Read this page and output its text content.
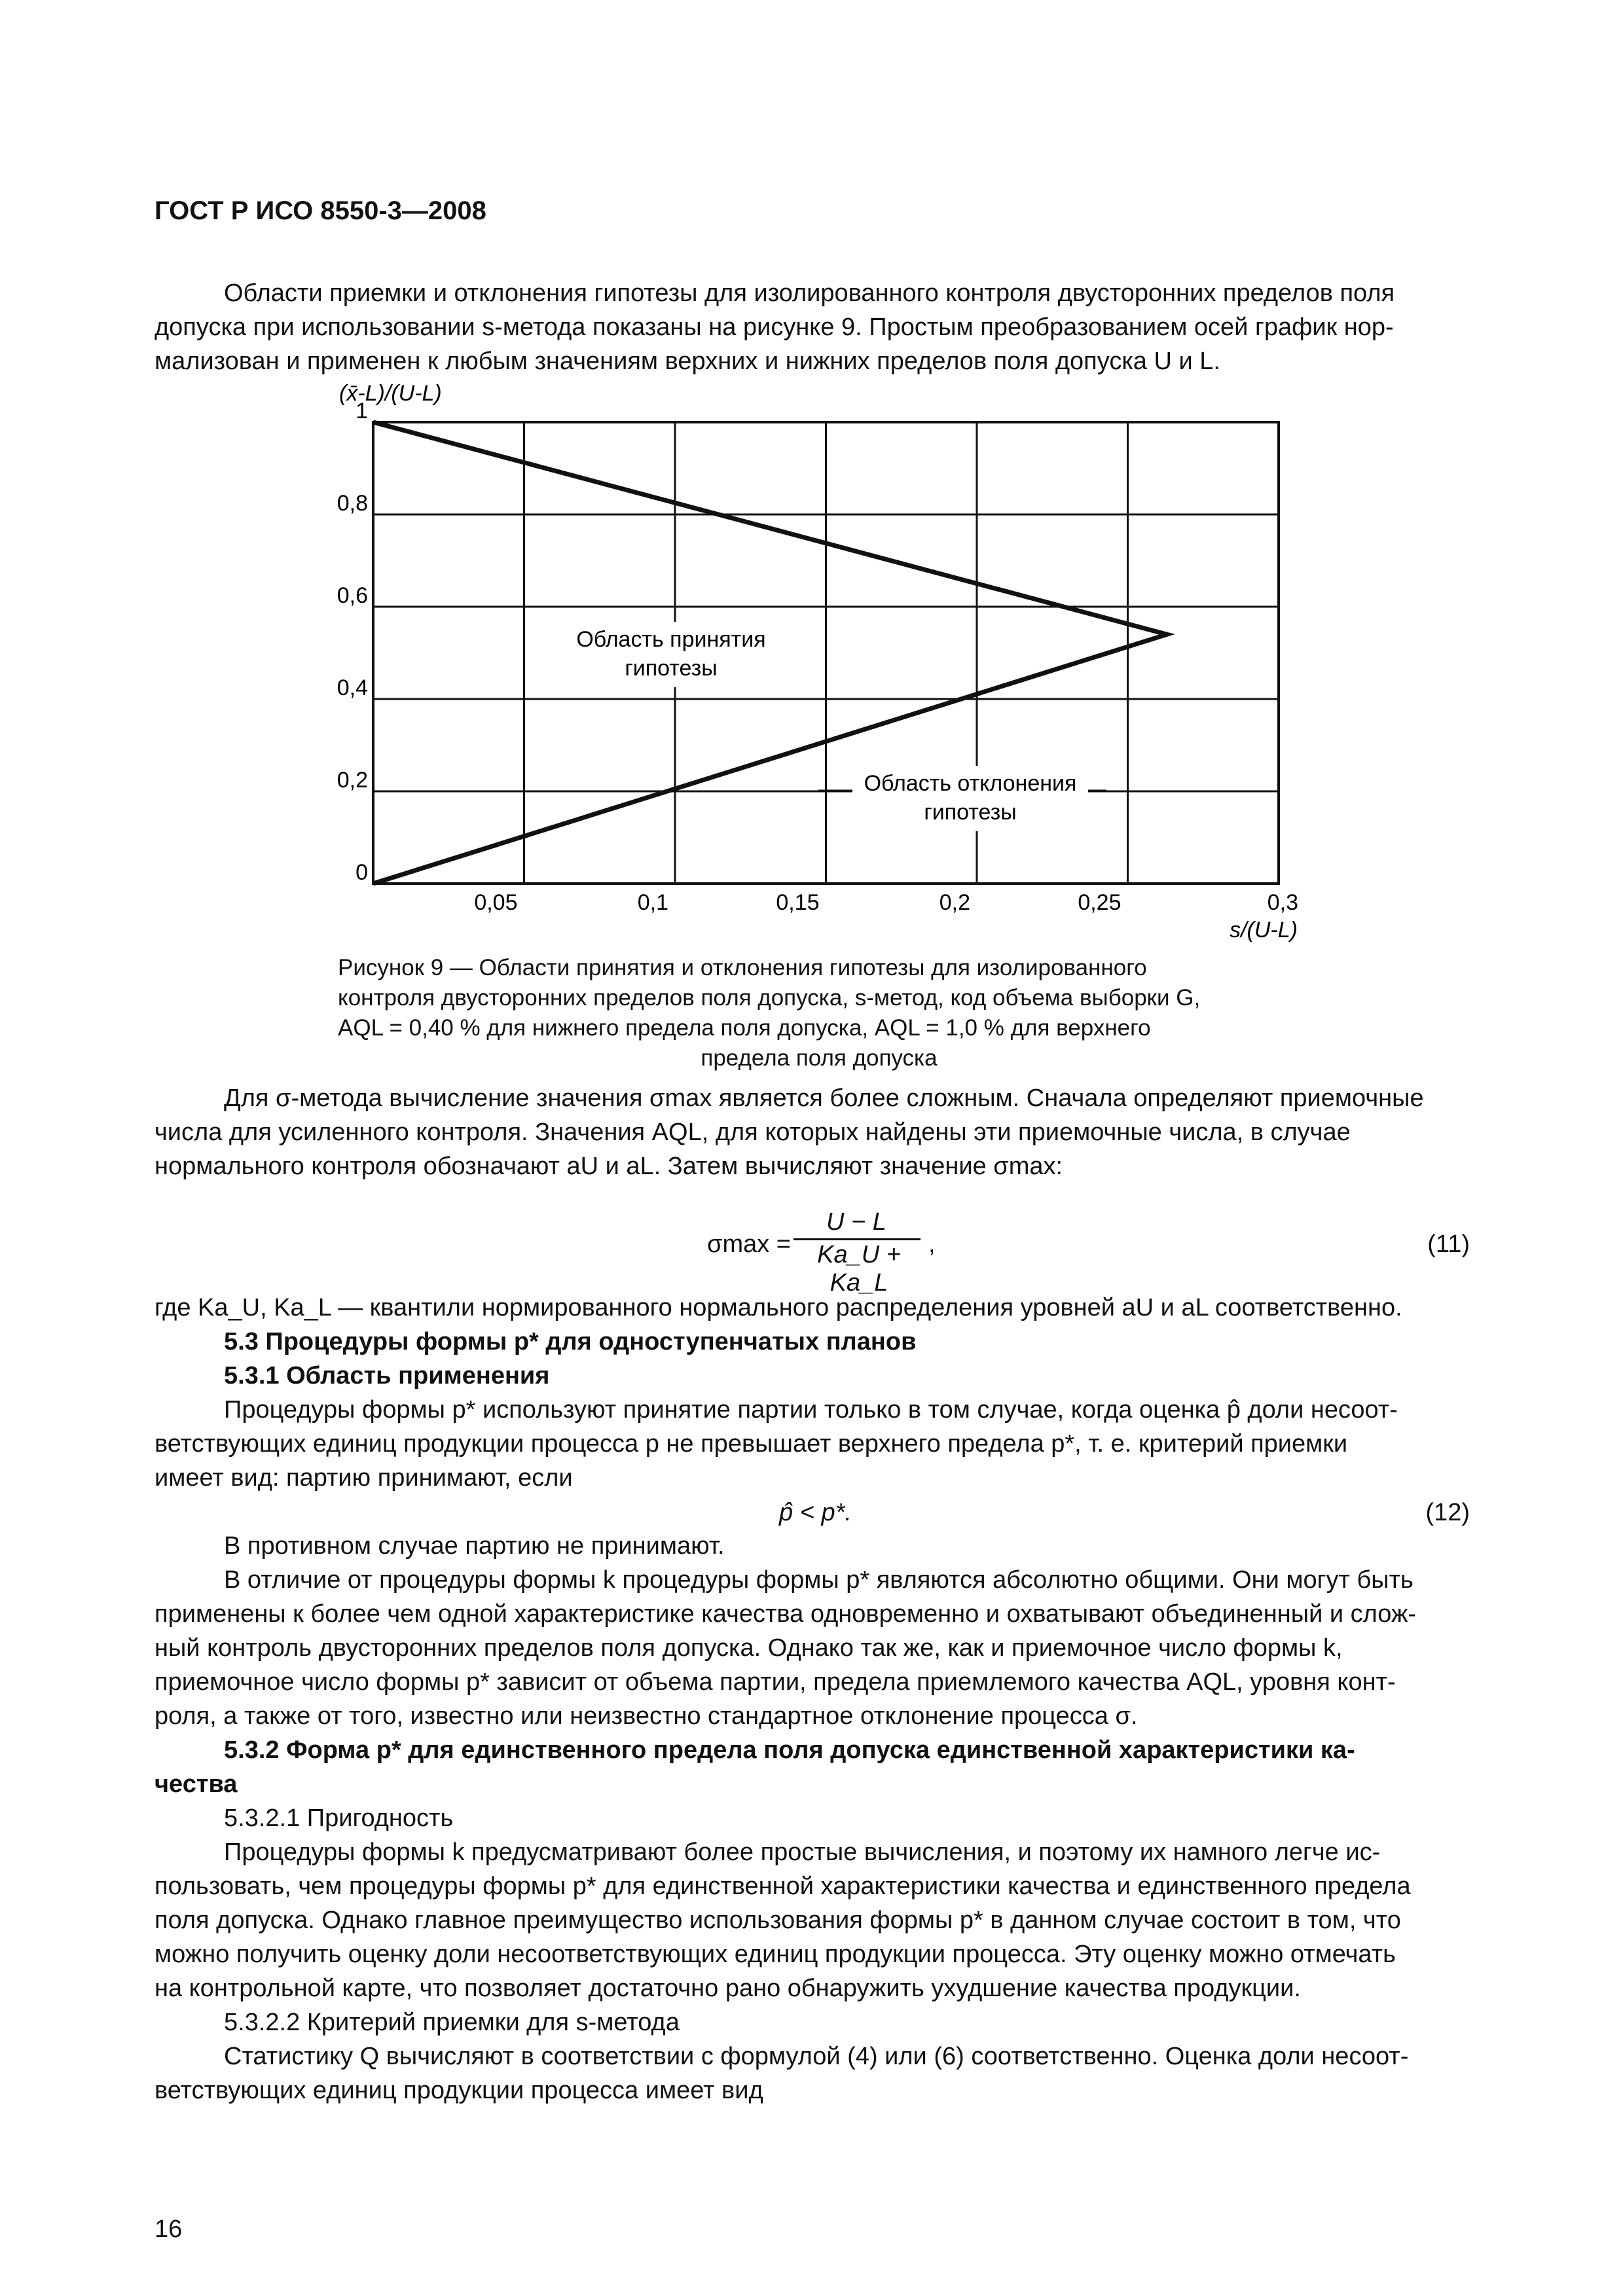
ГОСТ Р ИСО 8550-3—2008
Области приемки и отклонения гипотезы для изолированного контроля двусторонних пределов поля
допуска при использовании s-метода показаны на рисунке 9. Простым преобразованием осей график нор-
мализован и применен к любым значениям верхних и нижних пределов поля допуска U и L.
(x̄-L)/(U-L)
s/(U-L)
0
0,2
0,4
0,6
0,8
1
0,05	0,1	0,15	0,2	0,25	0,3
Область принятия
гипотезы
Область отклонения
гипотезы
Рисунок 9 — Области принятия и отклонения гипотезы для изолированного
контроля двусторонних пределов поля допуска, s-метод, код объема выборки G,
AQL = 0,40 % для нижнего предела поля допуска, AQL = 1,0 % для верхнего
предела поля допуска
Для σ-метода вычисление значения σmax является более сложным. Сначала определяют приемочные
числа для усиленного контроля. Значения AQL, для которых найдены эти приемочные числа, в случае
нормального контроля обозначают aU и aL. Затем вычисляют значение σmax:
σmax =
U − L
Ka_U + Ka_L
,	(11)
где Ka_U, Ka_L — квантили нормированного нормального распределения уровней aU и aL соответственно.
5.3 Процедуры формы p* для одноступенчатых планов
5.3.1 Область применения
Процедуры формы p* используют принятие партии только в том случае, когда оценка p̂ доли несоот-
ветствующих единиц продукции процесса p не превышает верхнего предела p*, т. е. критерий приемки
имеет вид: партию принимают, если
p̂ < p*.	(12)
В противном случае партию не принимают.
В отличие от процедуры формы k процедуры формы p* являются абсолютно общими. Они могут быть
применены к более чем одной характеристике качества одновременно и охватывают объединенный и слож-
ный контроль двусторонних пределов поля допуска. Однако так же, как и приемочное число формы k,
приемочное число формы p* зависит от объема партии, предела приемлемого качества AQL, уровня конт-
роля, а также от того, известно или неизвестно стандартное отклонение процесса σ.
5.3.2 Форма p* для единственного предела поля допуска единственной характеристики ка-
чества
5.3.2.1 Пригодность
Процедуры формы k предусматривают более простые вычисления, и поэтому их намного легче ис-
пользовать, чем процедуры формы p* для единственной характеристики качества и единственного предела
поля допуска. Однако главное преимущество использования формы p* в данном случае состоит в том, что
можно получить оценку доли несоответствующих единиц продукции процесса. Эту оценку можно отмечать
на контрольной карте, что позволяет достаточно рано обнаружить ухудшение качества продукции.
5.3.2.2 Критерий приемки для s-метода
Статистику Q вычисляют в соответствии с формулой (4) или (6) соответственно. Оценка доли несоот-
ветствующих единиц продукции процесса имеет вид
16
